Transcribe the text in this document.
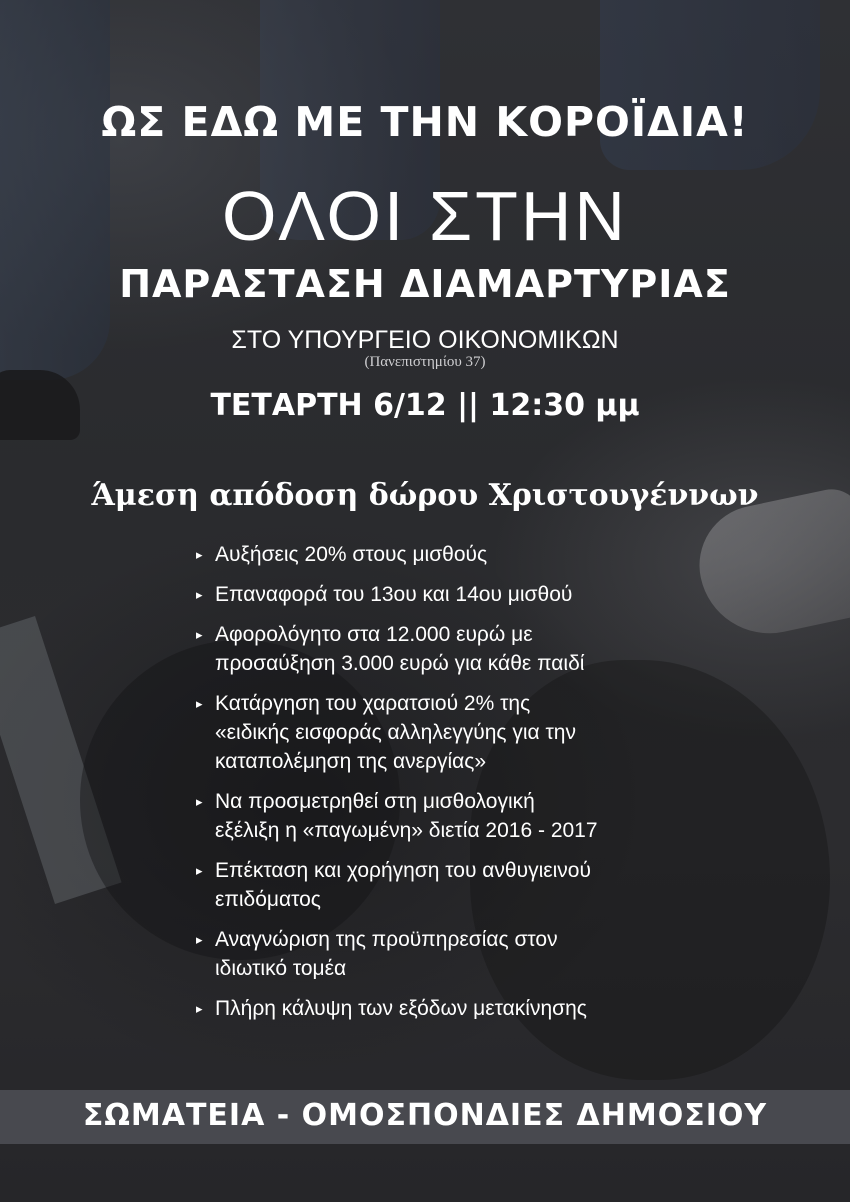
ΩΣ ΕΔΩ ΜΕ ΤΗΝ ΚΟΡΟΪΔΙΑ!
ΟΛΟΙ ΣΤΗΝ
ΠΑΡΑΣΤΑΣΗ ΔΙΑΜΑΡΤΥΡΙΑΣ
ΣΤΟ ΥΠΟΥΡΓΕΙΟ ΟΙΚΟΝΟΜΙΚΩΝ
(Πανεπιστημίου 37)
ΤΕΤΑΡΤΗ 6/12 || 12:30 μμ
Άμεση απόδοση δώρου Χριστουγέννων
▸ Αυξήσεις 20% στους μισθούς
▸ Επαναφορά του 13ου και 14ου μισθού
▸ Αφορολόγητο στα 12.000 ευρώ με
προσαύξηση 3.000 ευρώ για κάθε παιδί
▸ Κατάργηση του χαρατσιού 2% της
«ειδικής εισφοράς αλληλεγγύης για την
καταπολέμηση της ανεργίας»
▸ Να προσμετρηθεί στη μισθολογική
εξέλιξη η «παγωμένη» διετία 2016 - 2017
▸ Επέκταση και χορήγηση του ανθυγιεινού
επιδόματος
▸ Αναγνώριση της προϋπηρεσίας στον
ιδιωτικό τομέα
▸ Πλήρη κάλυψη των εξόδων μετακίνησης
ΣΩΜΑΤΕΙΑ - ΟΜΟΣΠΟΝΔΙΕΣ ΔΗΜΟΣΙΟΥ
